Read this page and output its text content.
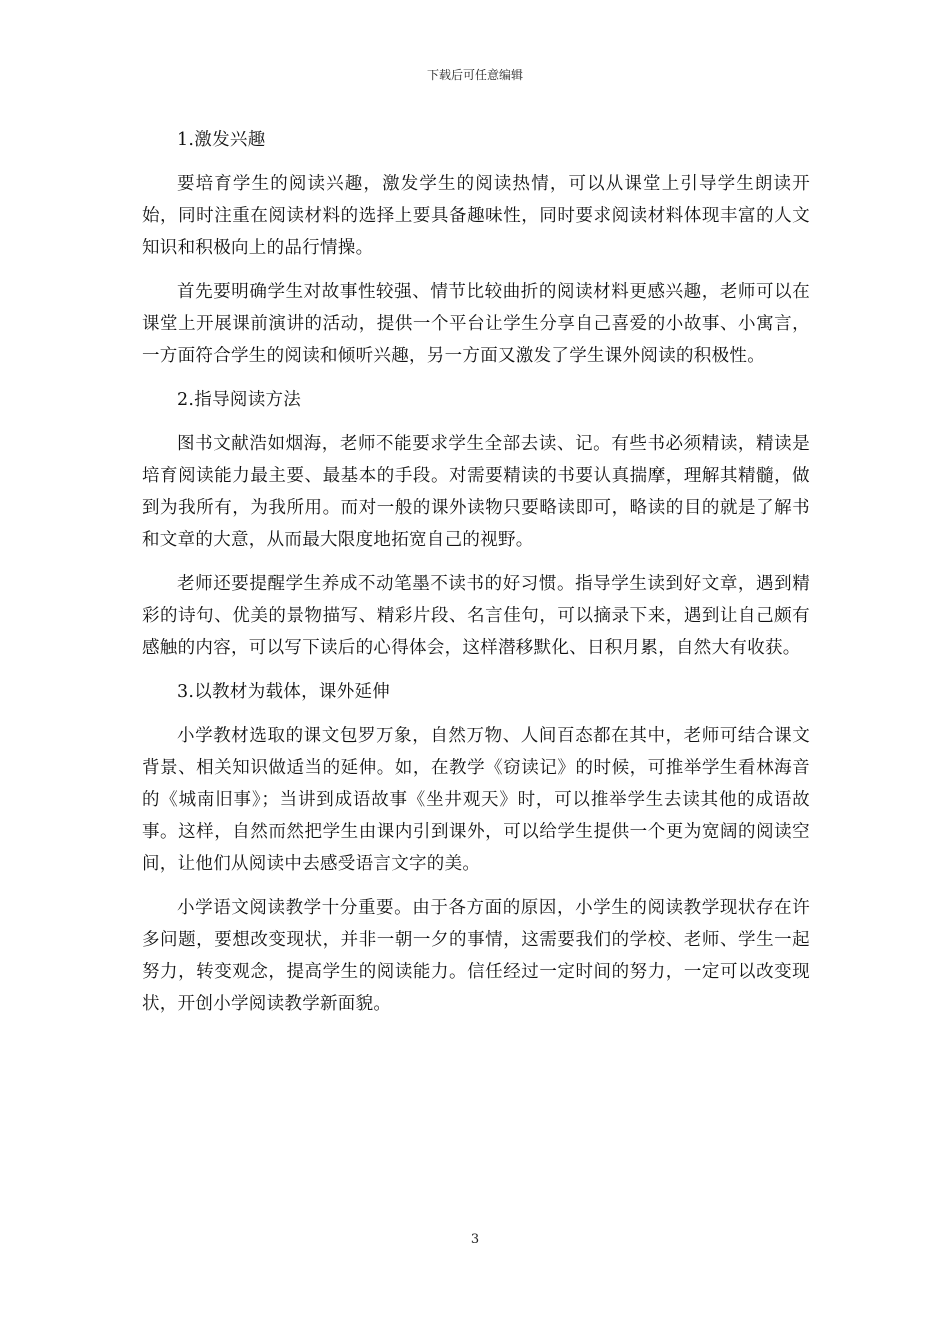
下载后可任意编辑

1.激发兴趣

要培育学生的阅读兴趣，激发学生的阅读热情，可以从课堂上引导学生朗读开始，同时注重在阅读材料的选择上要具备趣味性，同时要求阅读材料体现丰富的人文知识和积极向上的品行情操。

首先要明确学生对故事性较强、情节比较曲折的阅读材料更感兴趣，老师可以在课堂上开展课前演讲的活动，提供一个平台让学生分享自己喜爱的小故事、小寓言，一方面符合学生的阅读和倾听兴趣，另一方面又激发了学生课外阅读的积极性。

2.指导阅读方法

图书文献浩如烟海，老师不能要求学生全部去读、记。有些书必须精读，精读是培育阅读能力最主要、最基本的手段。对需要精读的书要认真揣摩，理解其精髓，做到为我所有，为我所用。而对一般的课外读物只要略读即可，略读的目的就是了解书和文章的大意，从而最大限度地拓宽自己的视野。

老师还要提醒学生养成不动笔墨不读书的好习惯。指导学生读到好文章，遇到精彩的诗句、优美的景物描写、精彩片段、名言佳句，可以摘录下来，遇到让自己颇有感触的内容，可以写下读后的心得体会，这样潜移默化、日积月累，自然大有收获。

3.以教材为载体，课外延伸

小学教材选取的课文包罗万象，自然万物、人间百态都在其中，老师可结合课文背景、相关知识做适当的延伸。如，在教学《窃读记》的时候，可推举学生看林海音的《城南旧事》；当讲到成语故事《坐井观天》时，可以推举学生去读其他的成语故事。这样，自然而然把学生由课内引到课外，可以给学生提供一个更为宽阔的阅读空间，让他们从阅读中去感受语言文字的美。

小学语文阅读教学十分重要。由于各方面的原因，小学生的阅读教学现状存在许多问题，要想改变现状，并非一朝一夕的事情，这需要我们的学校、老师、学生一起努力，转变观念，提高学生的阅读能力。信任经过一定时间的努力，一定可以改变现状，开创小学阅读教学新面貌。

3
